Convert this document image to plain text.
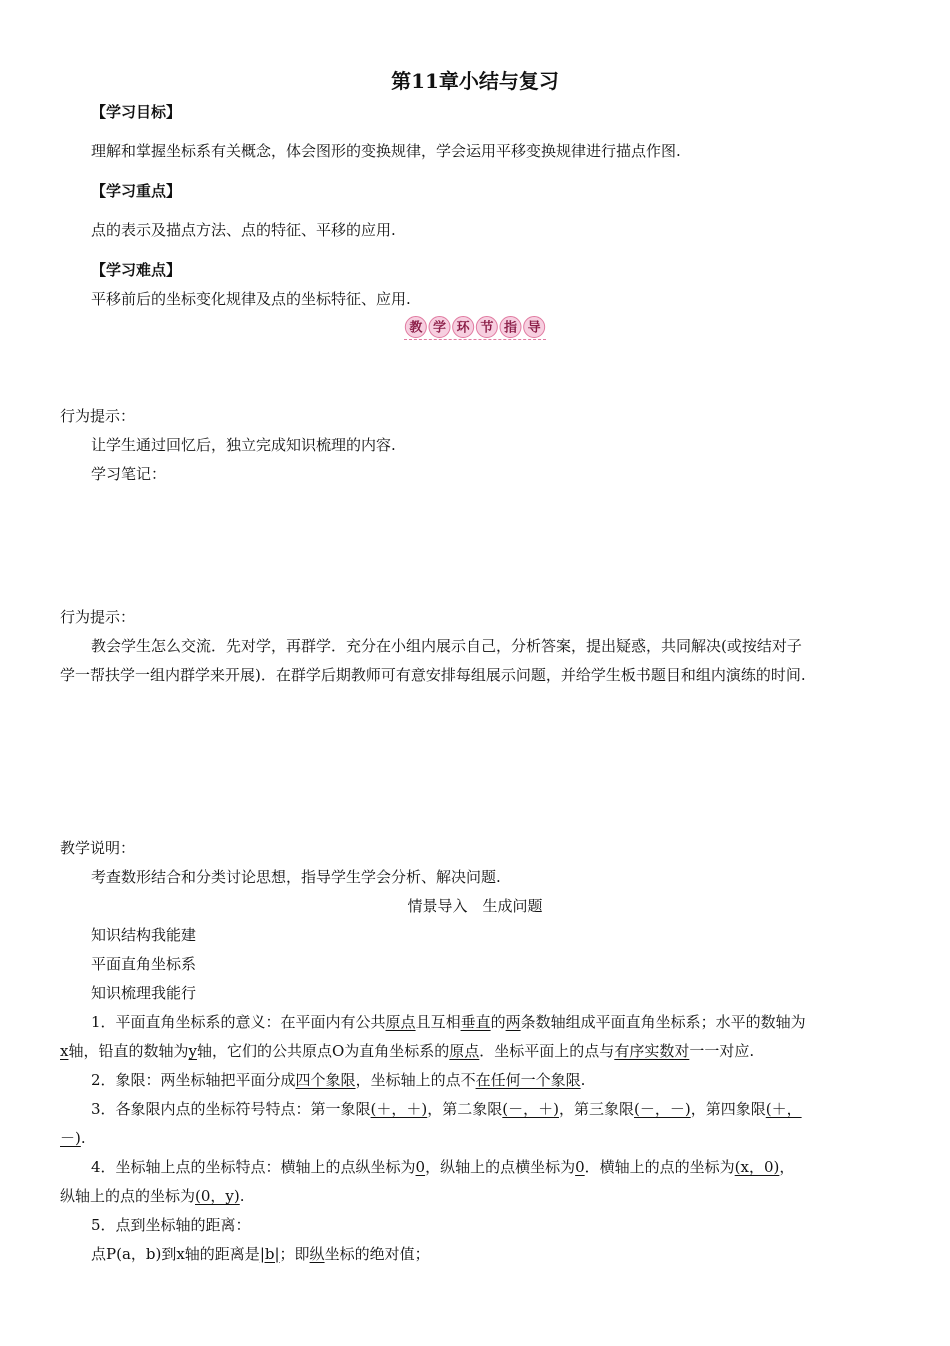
第11章小结与复习
【学习目标】
理解和掌握坐标系有关概念，体会图形的变换规律，学会运用平移变换规律进行描点作图.
【学习重点】
点的表示及描点方法、点的特征、平移的应用.
【学习难点】
平移前后的坐标变化规律及点的坐标特征、应用.
教 学 环 节 指 导
行为提示：
让学生通过回忆后，独立完成知识梳理的内容.
学习笔记：
行为提示：
教会学生怎么交流．先对学，再群学．充分在小组内展示自己，分析答案，提出疑惑，共同解决(或按结对子
学一帮扶学一组内群学来开展)．在群学后期教师可有意安排每组展示问题，并给学生板书题目和组内演练的时间.
教学说明：
考查数形结合和分类讨论思想，指导学生学会分析、解决问题.
情景导入　生成问题
知识结构我能建
平面直角坐标系
知识梳理我能行
1．平面直角坐标系的意义：在平面内有公共原点且互相垂直的两条数轴组成平面直角坐标系；水平的数轴为
x轴，铅直的数轴为y轴，它们的公共原点O为直角坐标系的原点．坐标平面上的点与有序实数对一一对应.
2．象限：两坐标轴把平面分成四个象限，坐标轴上的点不在任何一个象限.
3．各象限内点的坐标符号特点：第一象限(＋，＋)，第二象限(－，＋)，第三象限(－，－)，第四象限(＋，
－).
4．坐标轴上点的坐标特点：横轴上的点纵坐标为0，纵轴上的点横坐标为0．横轴上的点的坐标为(x，0)，
纵轴上的点的坐标为(0，y).
5．点到坐标轴的距离：
点P(a，b)到x轴的距离是|b|；即纵坐标的绝对值；
